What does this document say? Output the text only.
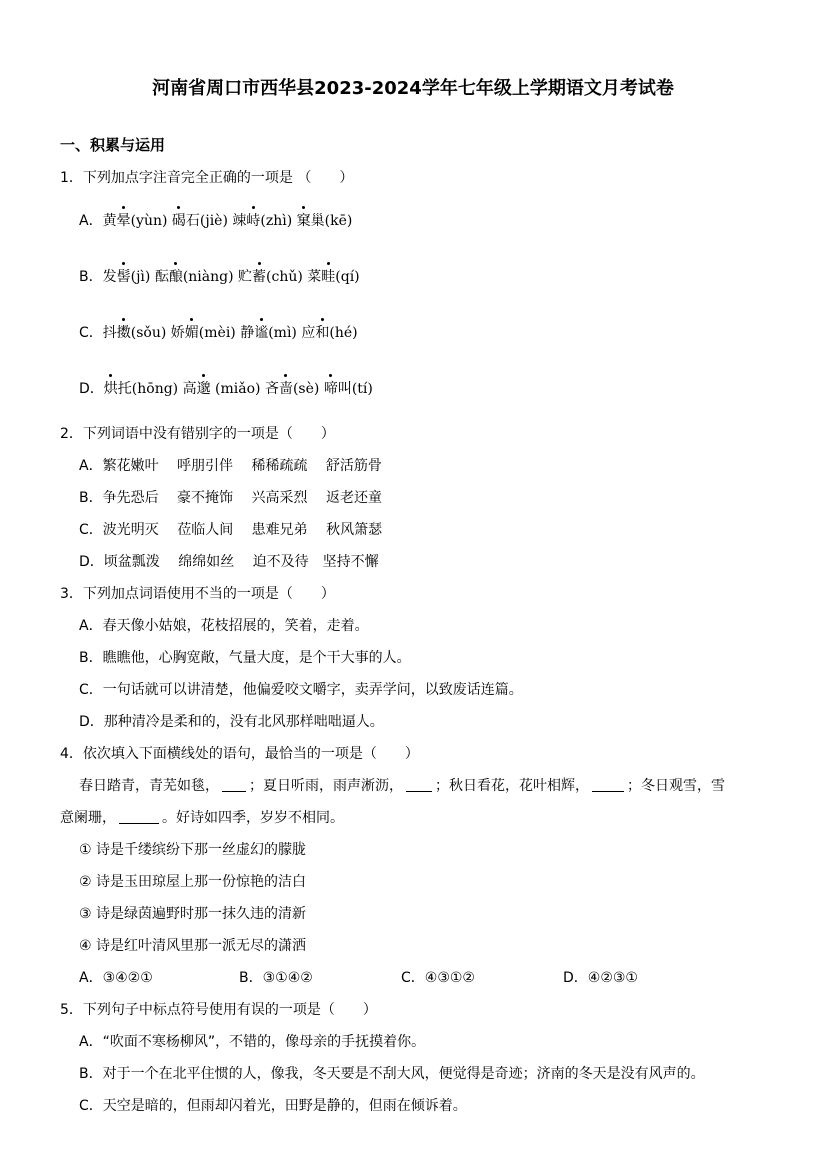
河南省周口市西华县2023-2024学年七年级上学期语文月考试卷
一、积累与运用
1．下列加点字注音完全正确的一项是 （　　）
A．黄晕(yùn) 碣石(jiè) 竦峙(zhì) 窠巢(kē)
B．发髻(jì) 酝酿(niàng) 贮蓄(chǔ) 菜畦(qí)
C．抖擞(sǒu) 娇媚(mèi) 静谧(mì) 应和(hé)
D．烘托(hōng) 高邈 (miǎo) 吝啬(sè) 啼叫(tí)
2．下列词语中没有错别字的一项是（　　）
A．繁花嫩叶　 呼朋引伴　 稀稀疏疏　 舒活筋骨
B．争先恐后　 豪不掩饰　 兴高采烈　 返老还童
C．波光明灭　 莅临人间　 患难兄弟　 秋风箫瑟
D．顷盆瓢泼　 绵绵如丝　 迫不及待　坚持不懈
3．下列加点词语使用不当的一项是（　　）
A．春天像小姑娘，花枝招展的，笑着，走着。
B．瞧瞧他，心胸宽敞，气量大度，是个干大事的人。
C．一句话就可以讲清楚，他偏爱咬文嚼字，卖弄学问，以致废话连篇。
D．那种清冷是柔和的，没有北风那样咄咄逼人。
4．依次填入下面横线处的语句，最恰当的一项是（　　）
春日踏青，青芜如毯， ；夏日听雨，雨声淅沥， ；秋日看花，花叶相辉，	；冬日观雪，雪
意阑珊，	。好诗如四季，岁岁不相同。
① 诗是千缕缤纷下那一丝虚幻的朦胧
② 诗是玉田琼屋上那一份惊艳的洁白
③ 诗是绿茵遍野时那一抹久违的清新
④ 诗是红叶清风里那一派无尽的潇洒
A．③④②①	B．③①④②	C．④③①②	D．④②③①
5．下列句子中标点符号使用有误的一项是（　　）
A．“吹面不寒杨柳风”，不错的，像母亲的手抚摸着你。
B．对于一个在北平住惯的人，像我，冬天要是不刮大风，便觉得是奇迹；济南的冬天是没有风声的。
C．天空是暗的，但雨却闪着光，田野是静的，但雨在倾诉着。
